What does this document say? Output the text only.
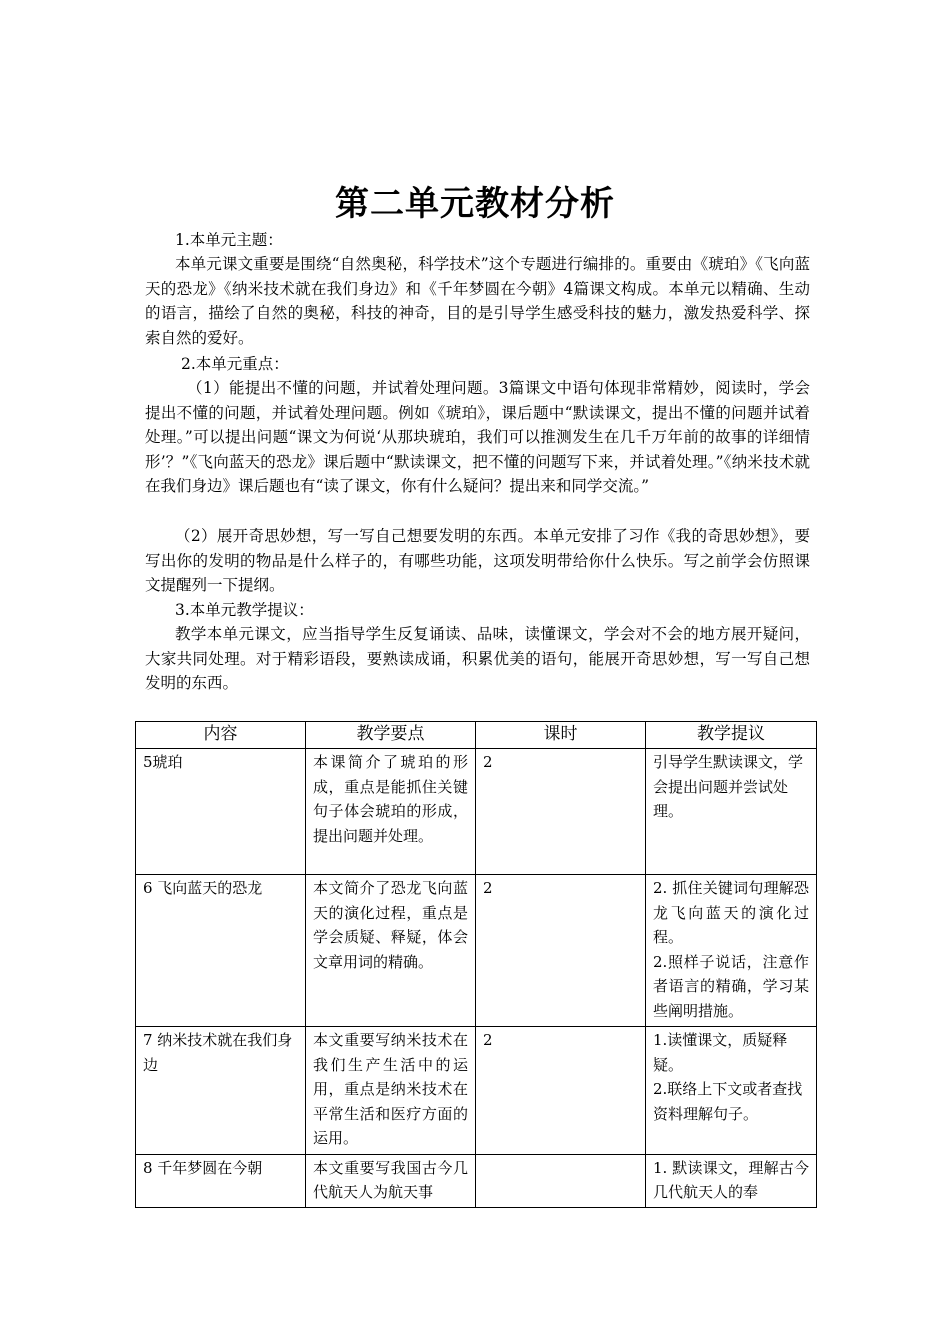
第二单元教材分析
1.本单元主题：
本单元课文重要是围绕“自然奥秘，科学技术”这个专题进行编排的。重要由《琥珀》《飞向蓝天的恐龙》《纳米技术就在我们身边》和《千年梦圆在今朝》4篇课文构成。本单元以精确、生动的语言，描绘了自然的奥秘，科技的神奇，目的是引导学生感受科技的魅力，激发热爱科学、探索自然的爱好。
2.本单元重点：
（1）能提出不懂的问题，并试着处理问题。3篇课文中语句体现非常精妙，阅读时，学会提出不懂的问题，并试着处理问题。例如《琥珀》，课后题中“默读课文，提出不懂的问题并试着处理。”可以提出问题“课文为何说‘从那块琥珀，我们可以推测发生在几千万年前的故事的详细情形’？”《飞向蓝天的恐龙》课后题中“默读课文，把不懂的问题写下来，并试着处理。”《纳米技术就在我们身边》课后题也有“读了课文，你有什么疑问？提出来和同学交流。”
（2）展开奇思妙想，写一写自己想要发明的东西。本单元安排了习作《我的奇思妙想》，要写出你的发明的物品是什么样子的，有哪些功能，这项发明带给你什么快乐。写之前学会仿照课文提醒列一下提纲。
3.本单元教学提议：
教学本单元课文，应当指导学生反复诵读、品味，读懂课文，学会对不会的地方展开疑问，大家共同处理。对于精彩语段，要熟读成诵，积累优美的语句，能展开奇思妙想，写一写自己想发明的东西。
内容	教学要点	课时	教学提议
5琥珀	本课简介了琥珀的形成，重点是能抓住关键句子体会琥珀的形成，提出问题并处理。	2	引导学生默读课文，学会提出问题并尝试处理。

6 飞向蓝天的恐龙	本文简介了恐龙飞向蓝天的演化过程，重点是学会质疑、释疑，体会文章用词的精确。	2	2. 抓住关键词句理解恐龙飞向蓝天的演化过程。

2.照样子说话，注意作者语言的精确，学习某些阐明措施。

7 纳米技术就在我们身边	本文重要写纳米技术在我们生产生活中的运用，重点是纳米技术在平常生活和医疗方面的运用。	2	1.读懂课文，质疑释疑。

2.联络上下文或者查找资料理解句子。

8 千年梦圆在今朝	本文重要写我国古今几代航天人为航天事		1. 默读课文，理解古今几代航天人的奉
